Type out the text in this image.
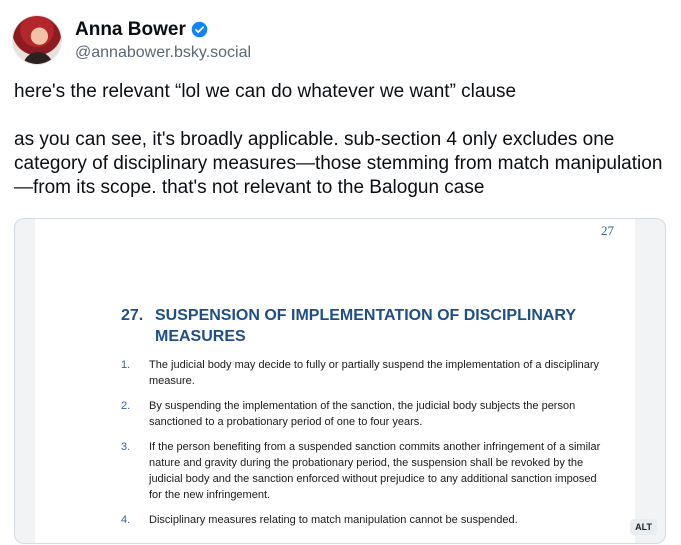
Anna Bower
@annabower.bsky.social

here's the relevant “lol we can do whatever we want” clause

as you can see, it's broadly applicable. sub-section 4 only excludes one category of disciplinary measures—those stemming from match manipulation—from its scope. that's not relevant to the Balogun case

27
27. SUSPENSION OF IMPLEMENTATION OF DISCIPLINARY MEASURES
1.	The judicial body may decide to fully or partially suspend the implementation of a disciplinary measure.
2.	By suspending the implementation of the sanction, the judicial body subjects the person sanctioned to a probationary period of one to four years.
3.	If the person benefiting from a suspended sanction commits another infringement of a similar nature and gravity during the probationary period, the suspension shall be revoked by the judicial body and the sanction enforced without prejudice to any additional sanction imposed for the new infringement.
4.	Disciplinary measures relating to match manipulation cannot be suspended.
ALT
